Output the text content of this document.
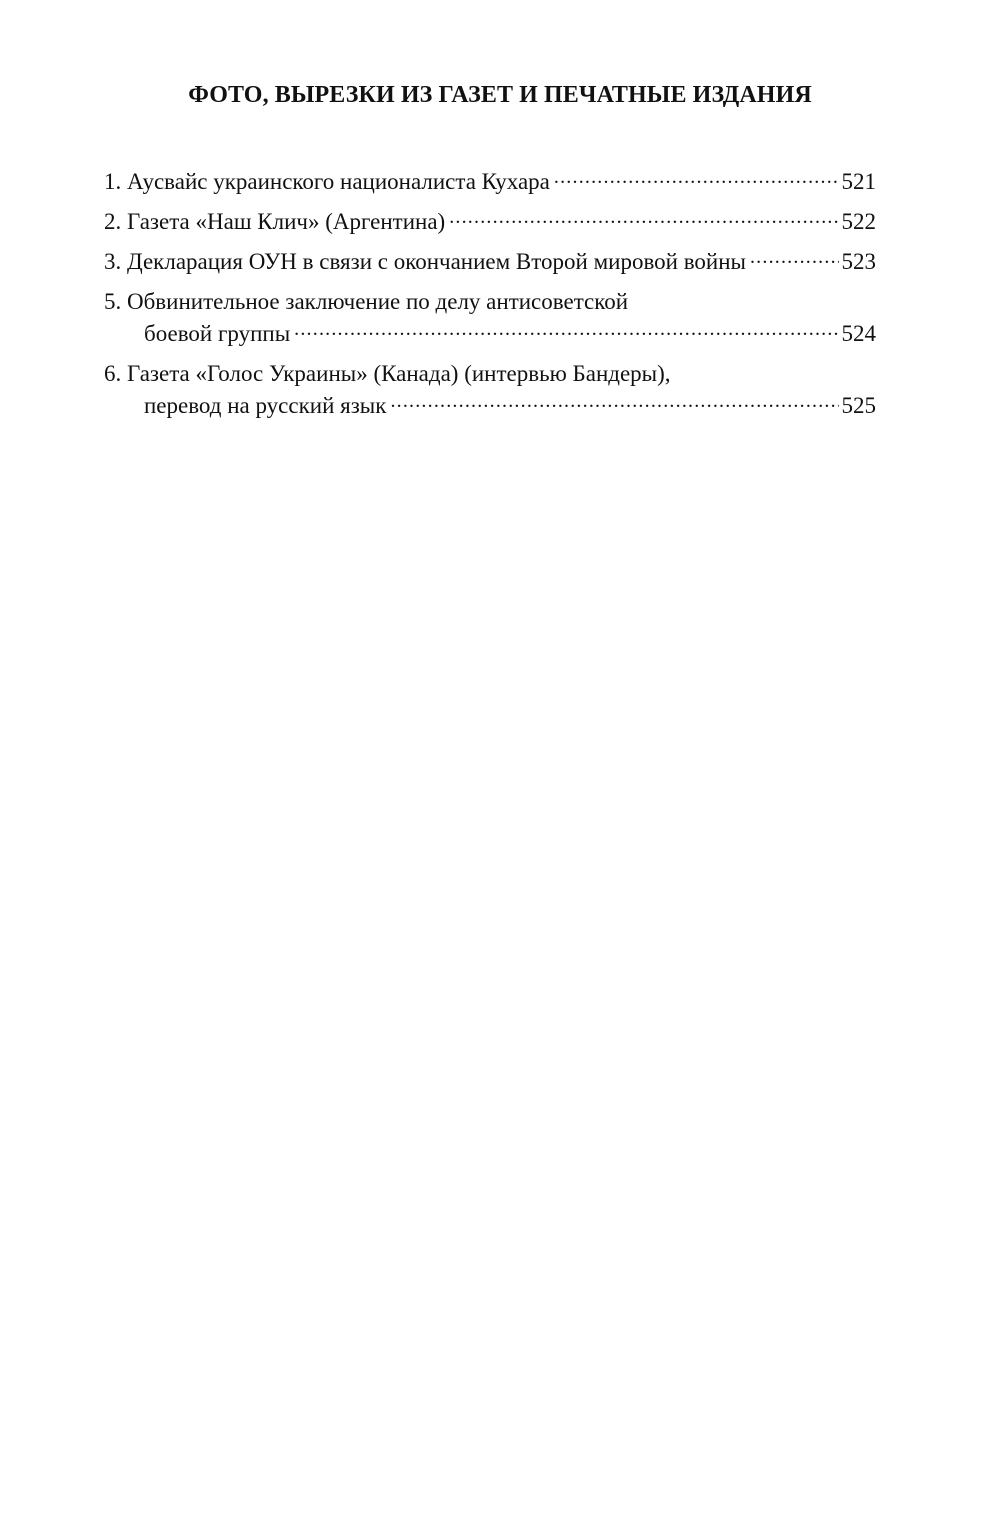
ФОТО, ВЫРЕЗКИ ИЗ ГАЗЕТ И ПЕЧАТНЫЕ ИЗДАНИЯ
1. Аусвайс украинского националиста Кухара .....	521
2. Газета «Наш Клич» (Аргентина) .....	522
3. Декларация ОУН в связи с окончанием Второй мировой войны .....	523
5. Обвинительное заключение по делу антисоветской
боевой группы .....	524
6. Газета «Голос Украины» (Канада) (интервью Бандеры),
перевод на русский язык .....	525
